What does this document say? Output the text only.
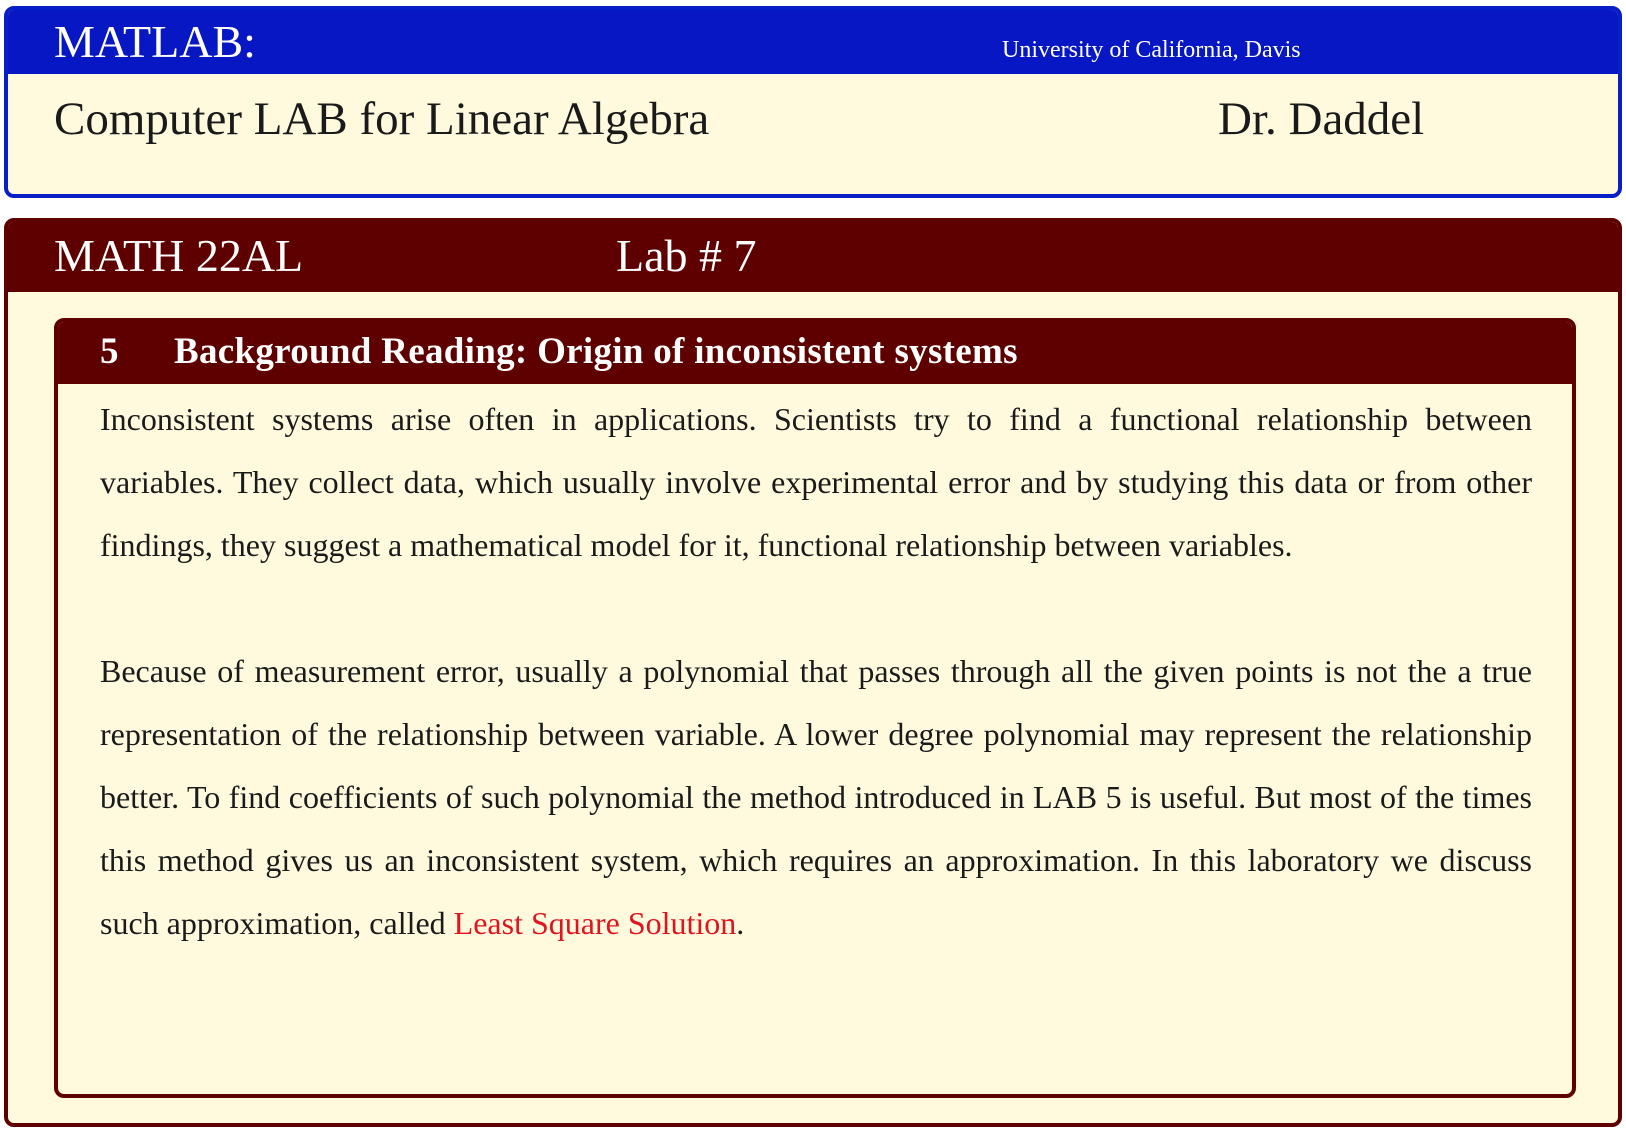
MATLAB:	University of California, Davis
Computer LAB for Linear Algebra	Dr. Daddel
MATH 22AL	Lab # 7
5 Background Reading: Origin of inconsistent systems

Inconsistent systems arise often in applications. Scientists try to find a functional relationship between variables. They collect data, which usually involve experimental error and by studying this data or from other findings, they suggest a mathematical model for it, functional relationship between variables.

Because of measurement error, usually a polynomial that passes through all the given points is not the a true representation of the relationship between variable. A lower degree polynomial may represent the relationship better. To find coefficients of such polynomial the method introduced in LAB 5 is useful. But most of the times this method gives us an inconsistent system, which requires an approximation. In this laboratory we discuss such approximation, called Least Square Solution.
